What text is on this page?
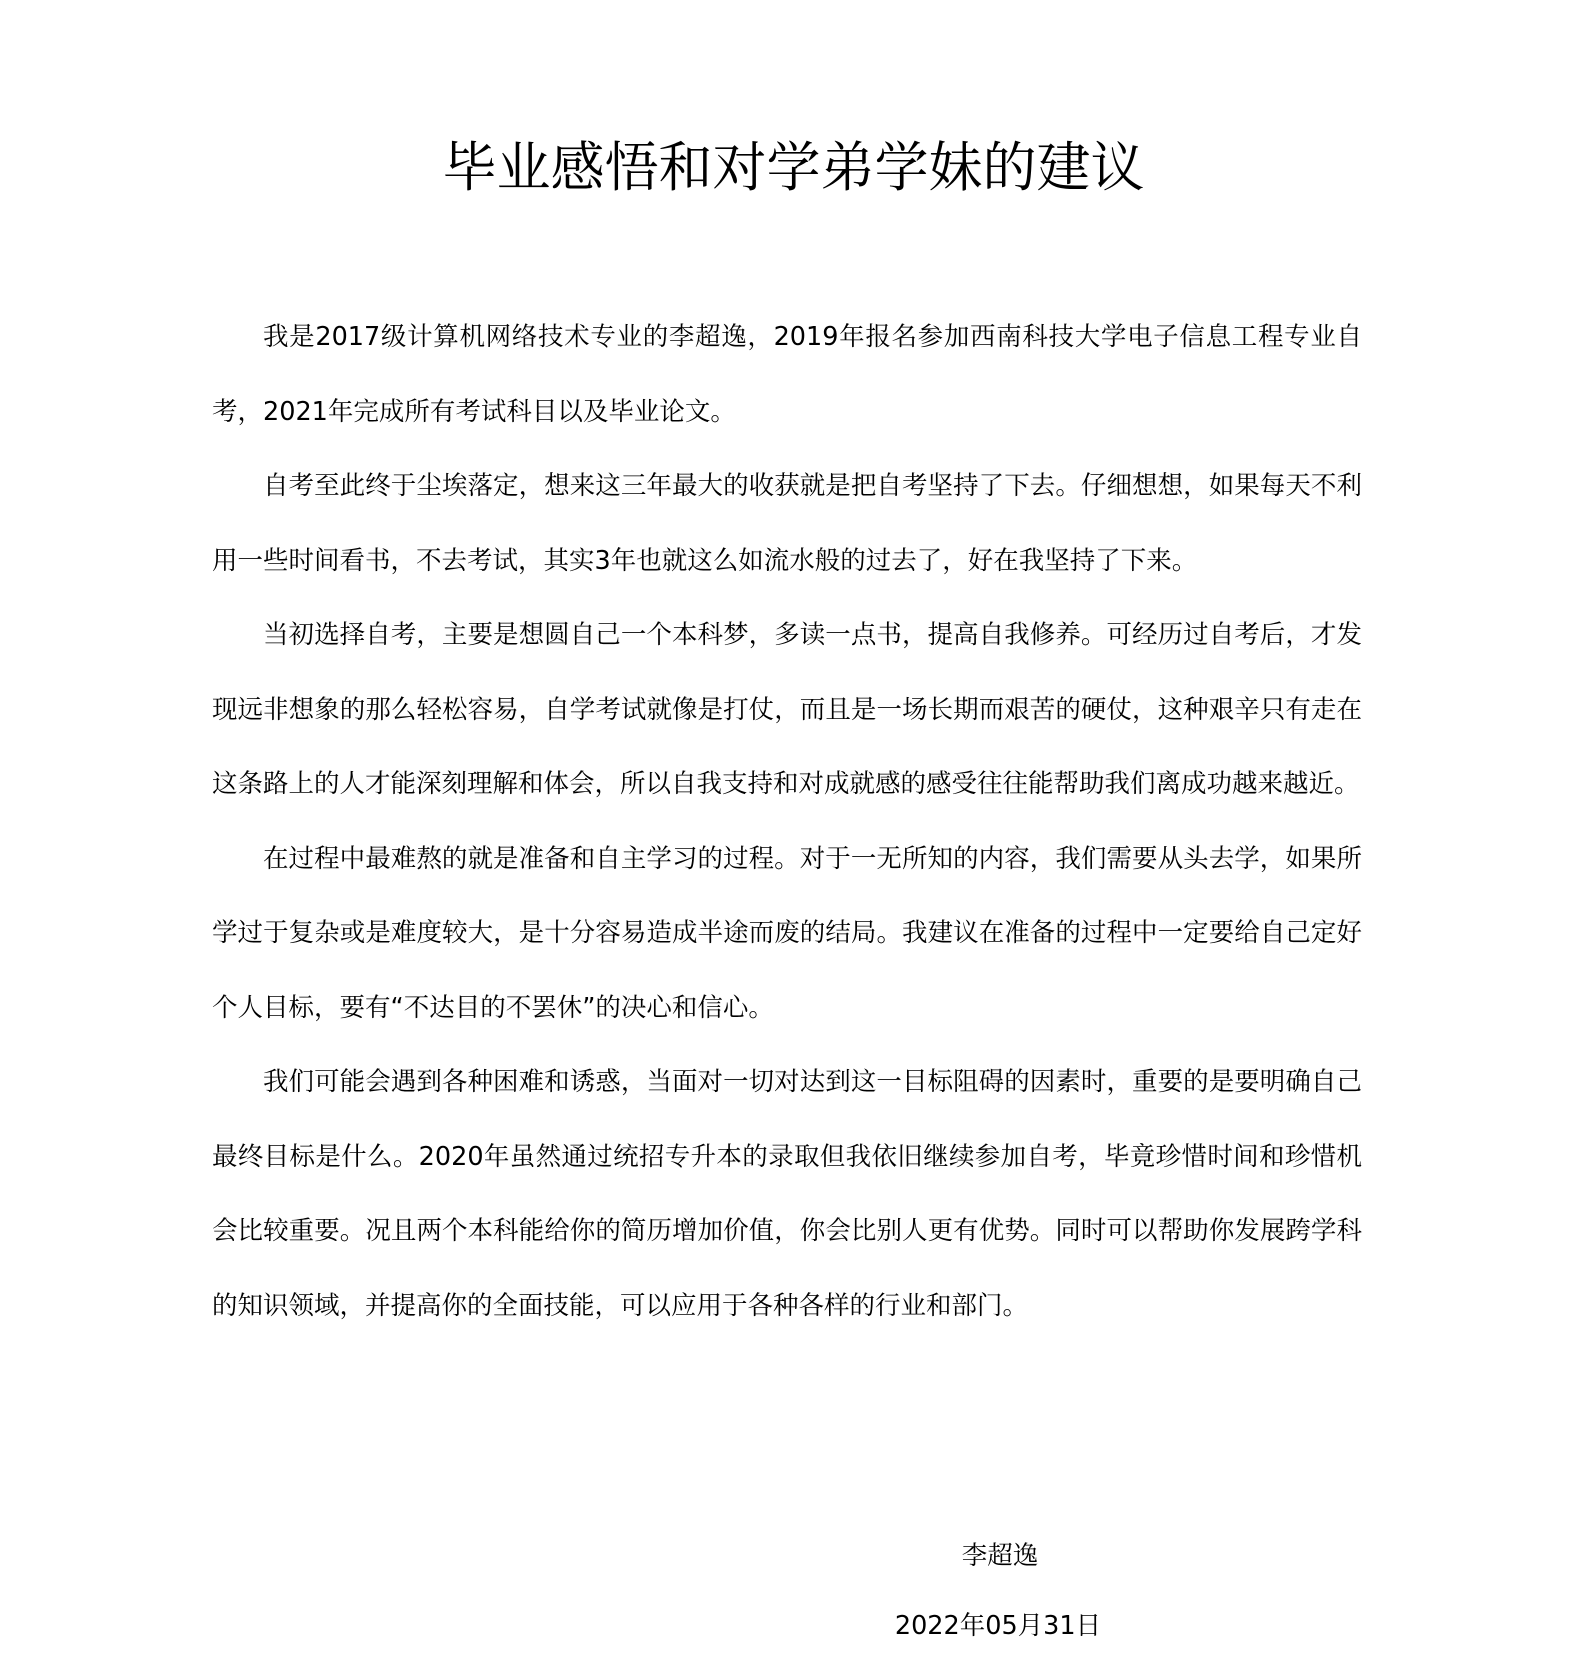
毕业感悟和对学弟学妹的建议

我是2017级计算机网络技术专业的李超逸，2019年报名参加西南科技大学电子信息工程专业自考，2021年完成所有考试科目以及毕业论文。

自考至此终于尘埃落定，想来这三年最大的收获就是把自考坚持了下去。仔细想想，如果每天不利用一些时间看书，不去考试，其实3年也就这么如流水般的过去了，好在我坚持了下来。

当初选择自考，主要是想圆自己一个本科梦，多读一点书，提高自我修养。可经历过自考后，才发现远非想象的那么轻松容易，自学考试就像是打仗，而且是一场长期而艰苦的硬仗，这种艰辛只有走在这条路上的人才能深刻理解和体会，所以自我支持和对成就感的感受往往能帮助我们离成功越来越近。

在过程中最难熬的就是准备和自主学习的过程。对于一无所知的内容，我们需要从头去学，如果所学过于复杂或是难度较大，是十分容易造成半途而废的结局。我建议在准备的过程中一定要给自己定好个人目标，要有“不达目的不罢休”的决心和信心。

我们可能会遇到各种困难和诱惑，当面对一切对达到这一目标阻碍的因素时，重要的是要明确自己最终目标是什么。2020年虽然通过统招专升本的录取但我依旧继续参加自考，毕竟珍惜时间和珍惜机会比较重要。况且两个本科能给你的简历增加价值，你会比别人更有优势。同时可以帮助你发展跨学科的知识领域，并提高你的全面技能，可以应用于各种各样的行业和部门。

李超逸
2022年05月31日
